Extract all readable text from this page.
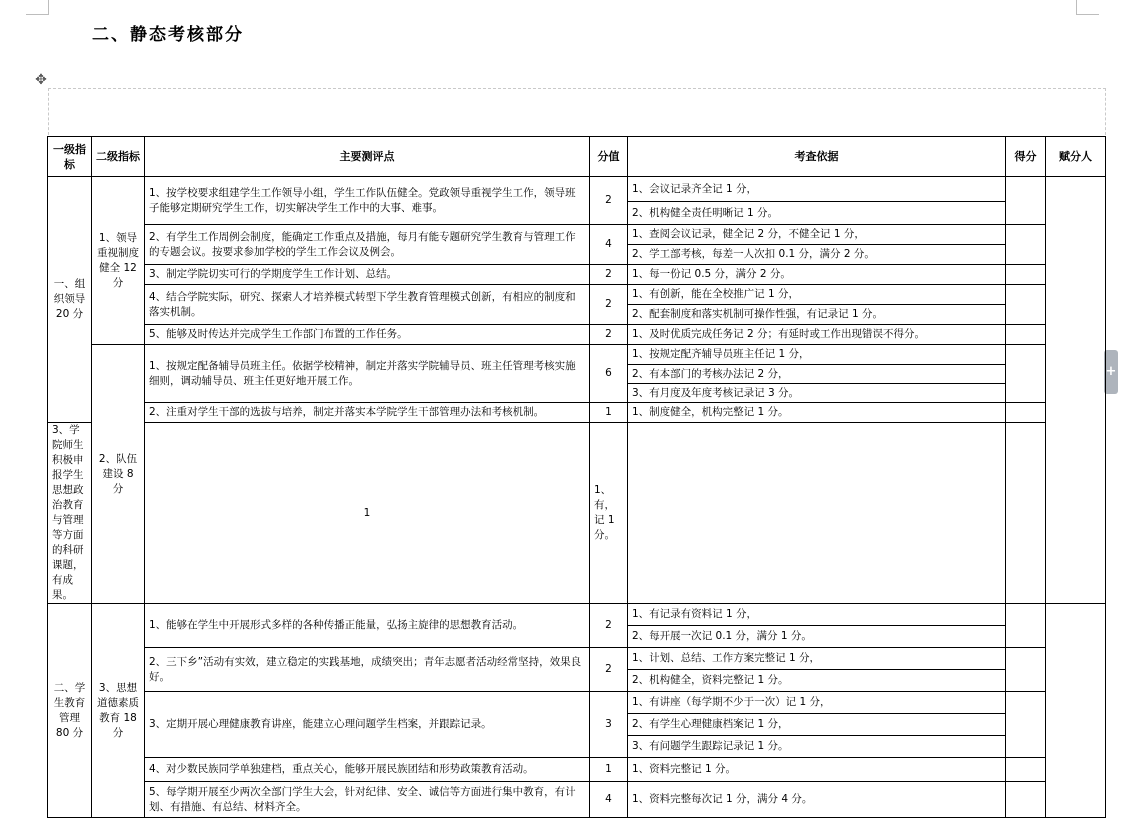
二、静态考核部分
✥
+
一级指标	二级指标	主要测评点	分值	考查依据	得分	赋分人
一、组织领导 20 分	1、领导重视制度健全 12 分	1、按学校要求组建学生工作领导小组，学生工作队伍健全。党政领导重视学生工作，领导班子能够定期研究学生工作，切实解决学生工作中的大事、难事。	2	1、会议记录齐全记 1 分，		
				2、机构健全责任明晰记 1 分。		
		2、有学生工作周例会制度，能确定工作重点及措施，每月有能专题研究学生教育与管理工作的专题会议。按要求参加学校的学生工作会议及例会。	4	1、查阅会议记录，健全记 2 分，不健全记 1 分，		
				2、学工部考核，每差一人次扣 0.1 分，满分 2 分。		
		3、制定学院切实可行的学期度学生工作计划、总结。	2	1、每一份记 0.5 分，满分 2 分。		
		4、结合学院实际，研究、探索人才培养模式转型下学生教育管理模式创新，有相应的制度和落实机制。	2	1、有创新，能在全校推广记 1 分，		
				2、配套制度和落实机制可操作性强，有记录记 1 分。		
		5、能够及时传达并完成学生工作部门布置的工作任务。	2	1、及时优质完成任务记 2 分；有延时或工作出现错误不得分。		
	2、队伍建设 8 分	1、按规定配备辅导员班主任。依据学校精神，制定并落实学院辅导员、班主任管理考核实施细则，调动辅导员、班主任更好地开展工作。	6	1、按规定配齐辅导员班主任记 1 分，		
				2、有本部门的考核办法记 2 分，		
				3、有月度及年度考核记录记 3 分。		
		2、注重对学生干部的选拔与培养，制定并落实本学院学生干部管理办法和考核机制。	1	1、制度健全，机构完整记 1 分。		
3、学院师生积极申报学生思想政治教育与管理等方面的科研课题，有成果。		1	1、有，记 1 分。			
二、学生教育管理 80 分	3、思想道德素质教育 18 分	1、能够在学生中开展形式多样的各种传播正能量，弘扬主旋律的思想教育活动。	2	1、有记录有资料记 1 分，		
				2、每开展一次记 0.1 分，满分 1 分。		
		2、三下乡”活动有实效，建立稳定的实践基地，成绩突出；青年志愿者活动经常坚持，效果良好。	2	1、计划、总结、工作方案完整记 1 分，		
				2、机构健全，资料完整记 1 分。		
		3、定期开展心理健康教育讲座，能建立心理问题学生档案，并跟踪记录。	3	1、有讲座（每学期不少于一次）记 1 分，		
				2、有学生心理健康档案记 1 分，		
				3、有问题学生跟踪记录记 1 分。		
		4、对少数民族同学单独建档，重点关心，能够开展民族团结和形势政策教育活动。	1	1、资料完整记 1 分。		
		5、每学期开展至少两次全部门学生大会，针对纪律、安全、诚信等方面进行集中教育，有计划、有措施、有总结、材料齐全。	4	1、资料完整每次记 1 分，满分 4 分。		
